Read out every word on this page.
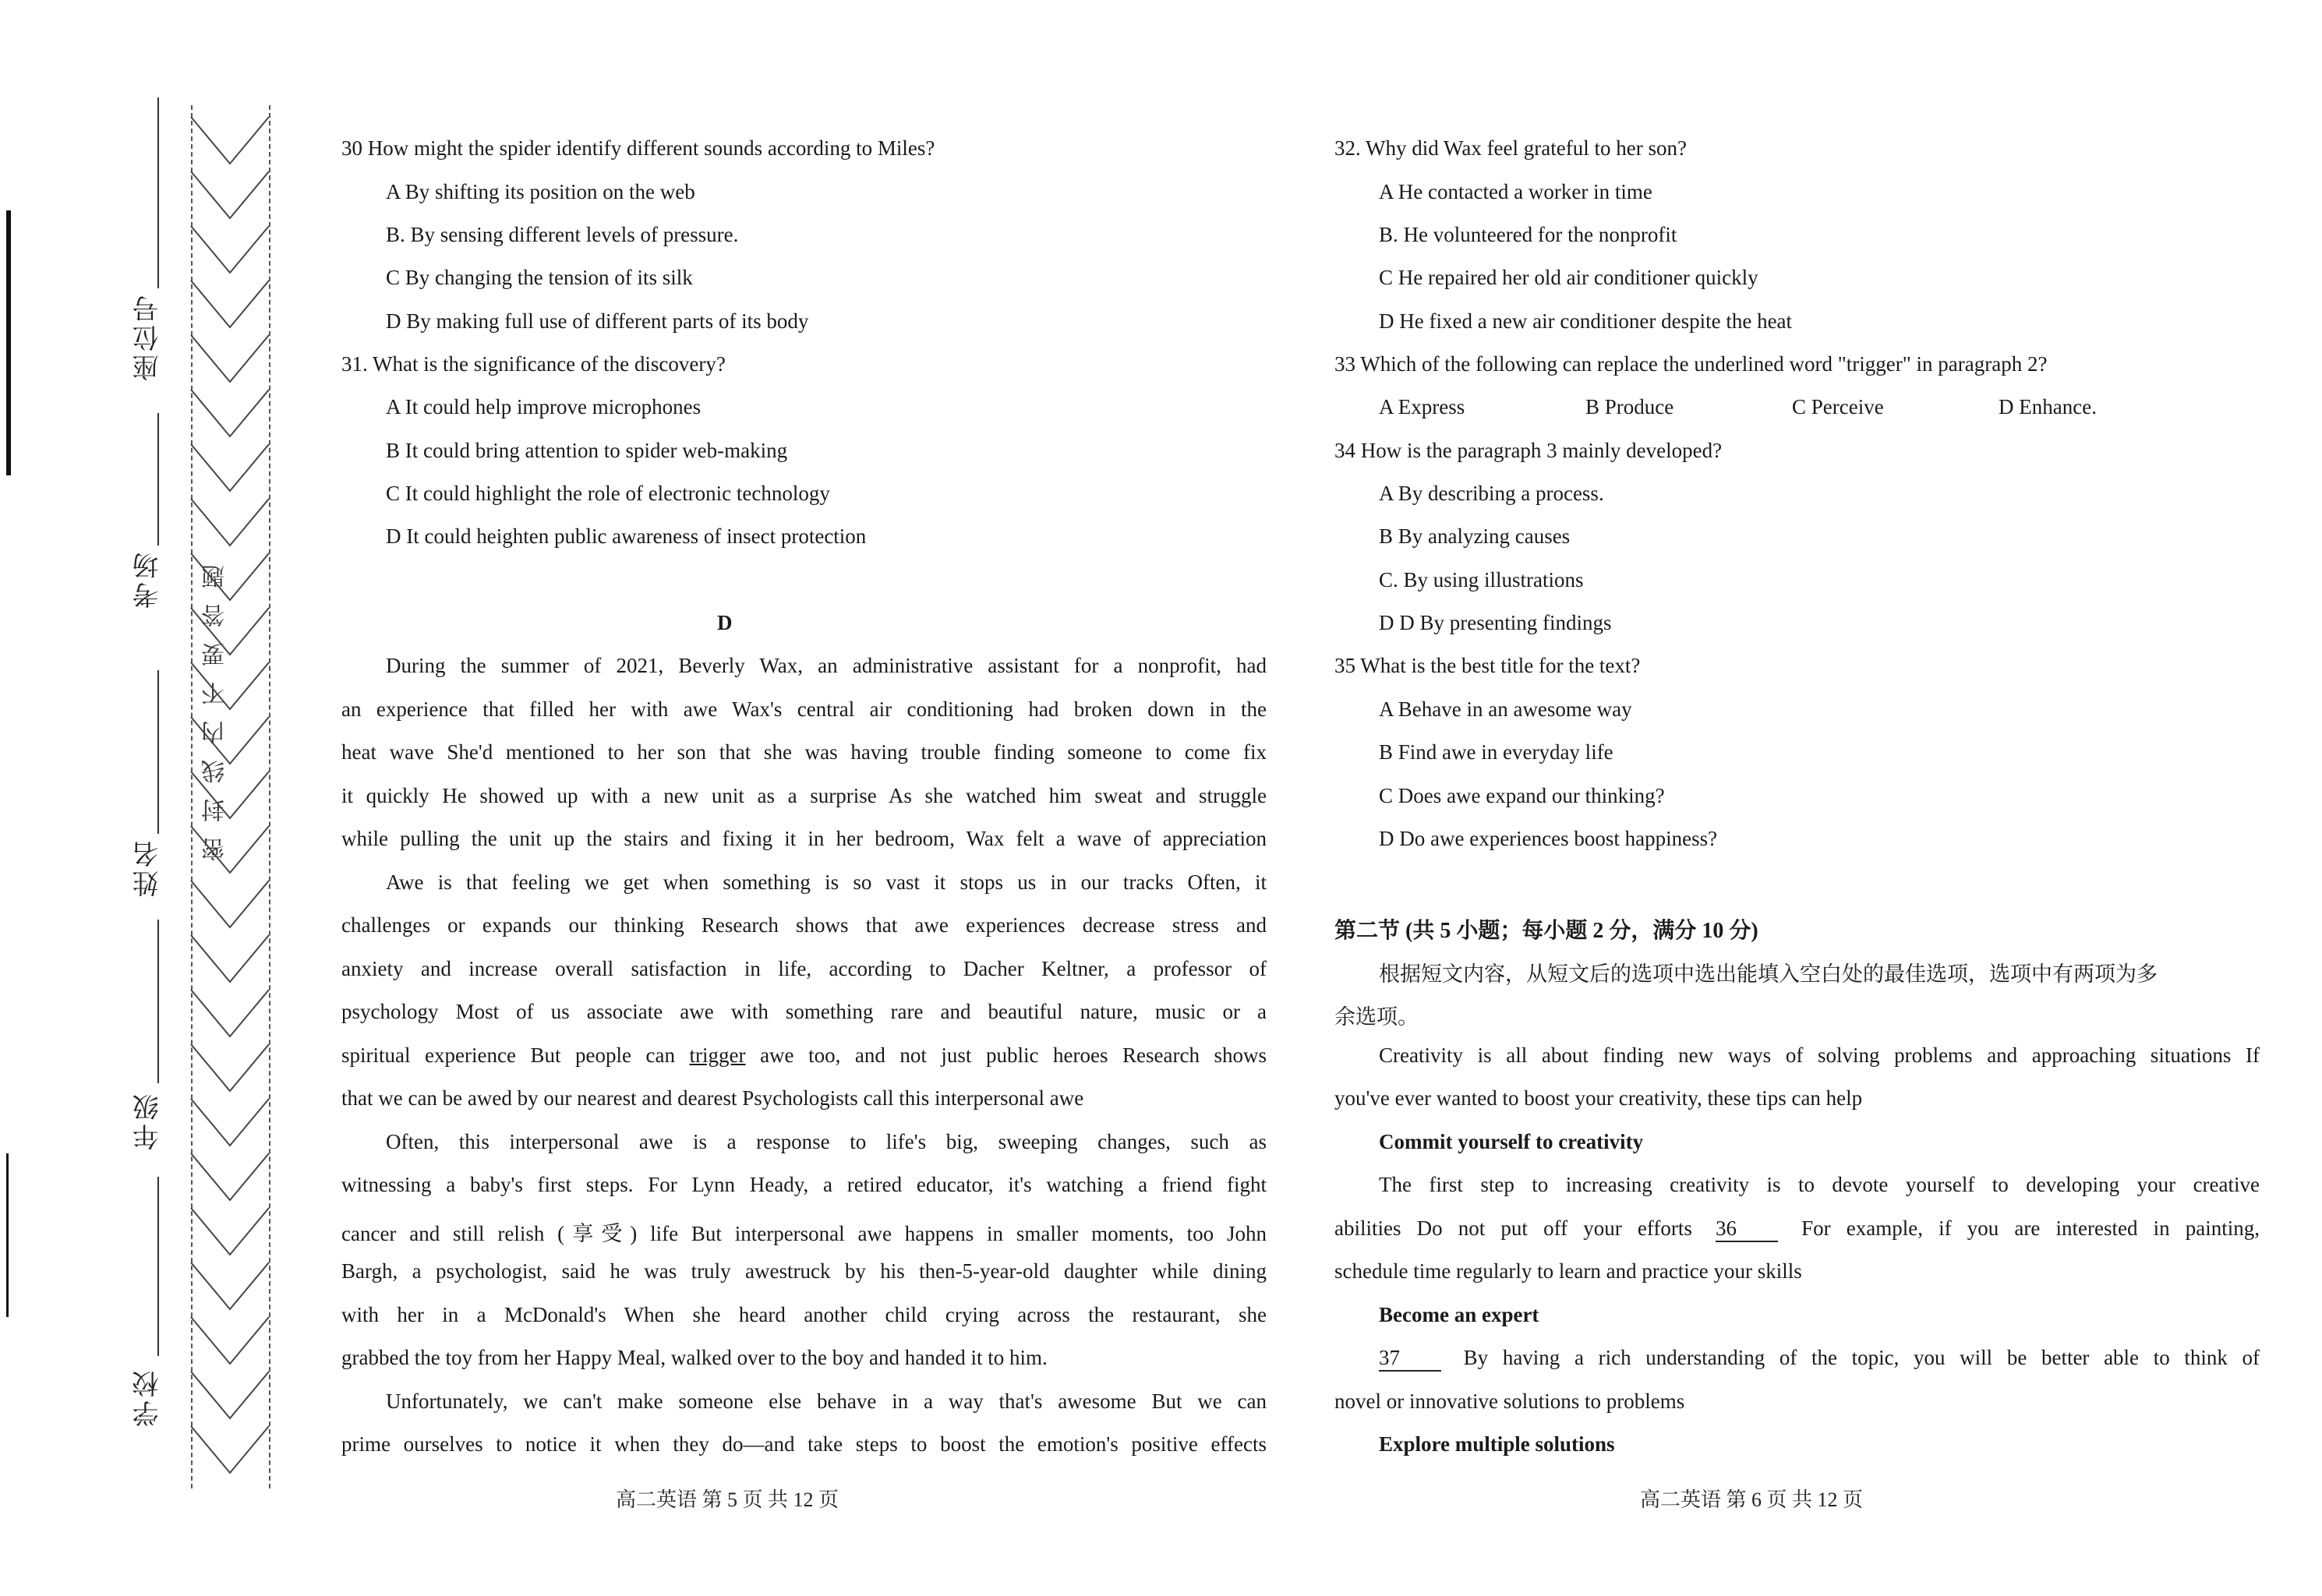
座位号
考场
姓名
年级
学校
密封线内不要答题
30 How might the spider identify different sounds according to Miles?
A By shifting its position on the web
B. By sensing different levels of pressure.
C By changing the tension of its silk
D By making full use of different parts of its body
31. What is the significance of the discovery?
A It could help improve microphones
B It could bring attention to spider web-making
C It could highlight the role of electronic technology
D It could heighten public awareness of insect protection
D
During the summer of 2021, Beverly Wax, an administrative assistant for a nonprofit, had
an experience that filled her with awe Wax's central air conditioning had broken down in the
heat wave She'd mentioned to her son that she was having trouble finding someone to come fix
it quickly He showed up with a new unit as a surprise As she watched him sweat and struggle
while pulling the unit up the stairs and fixing it in her bedroom, Wax felt a wave of appreciation
Awe is that feeling we get when something is so vast it stops us in our tracks Often, it
challenges or expands our thinking Research shows that awe experiences decrease stress and
anxiety and increase overall satisfaction in life, according to Dacher Keltner, a professor of
psychology Most of us associate awe with something rare and beautiful nature, music or a
spiritual experience But people can trigger awe too, and not just public heroes Research shows
that we can be awed by our nearest and dearest Psychologists call this interpersonal awe
Often, this interpersonal awe is a response to life's big, sweeping changes, such as
witnessing a baby's first steps. For Lynn Heady, a retired educator, it's watching a friend fight
cancer and still relish (享受) life But interpersonal awe happens in smaller moments, too John
Bargh, a psychologist, said he was truly awestruck by his then-5-year-old daughter while dining
with her in a McDonald's When she heard another child crying across the restaurant, she
grabbed the toy from her Happy Meal, walked over to the boy and handed it to him.
Unfortunately, we can't make someone else behave in a way that's awesome But we can
prime ourselves to notice it when they do—and take steps to boost the emotion's positive effects
高二英语 第 5 页 共 12 页
32. Why did Wax feel grateful to her son?
A He contacted a worker in time
B. He volunteered for the nonprofit
C He repaired her old air conditioner quickly
D He fixed a new air conditioner despite the heat
33 Which of the following can replace the underlined word "trigger" in paragraph 2?
A Express	B Produce	C Perceive	D Enhance.
34 How is the paragraph 3 mainly developed?
A By describing a process.
B By analyzing causes
C. By using illustrations
D D By presenting findings
35 What is the best title for the text?
A Behave in an awesome way
B Find awe in everyday life
C Does awe expand our thinking?
D Do awe experiences boost happiness?
第二节 (共 5 小题；每小题 2 分，满分 10 分)
根据短文内容，从短文后的选项中选出能填入空白处的最佳选项，选项中有两项为多
余选项。
Creativity is all about finding new ways of solving problems and approaching situations If
you've ever wanted to boost your creativity, these tips can help
Commit yourself to creativity
The first step to increasing creativity is to devote yourself to developing your creative
abilities Do not put off your efforts 36	For example, if you are interested in painting,
schedule time regularly to learn and practice your skills
Become an expert
37	By having a rich understanding of the topic, you will be better able to think of
novel or innovative solutions to problems
Explore multiple solutions
高二英语 第 6 页 共 12 页
